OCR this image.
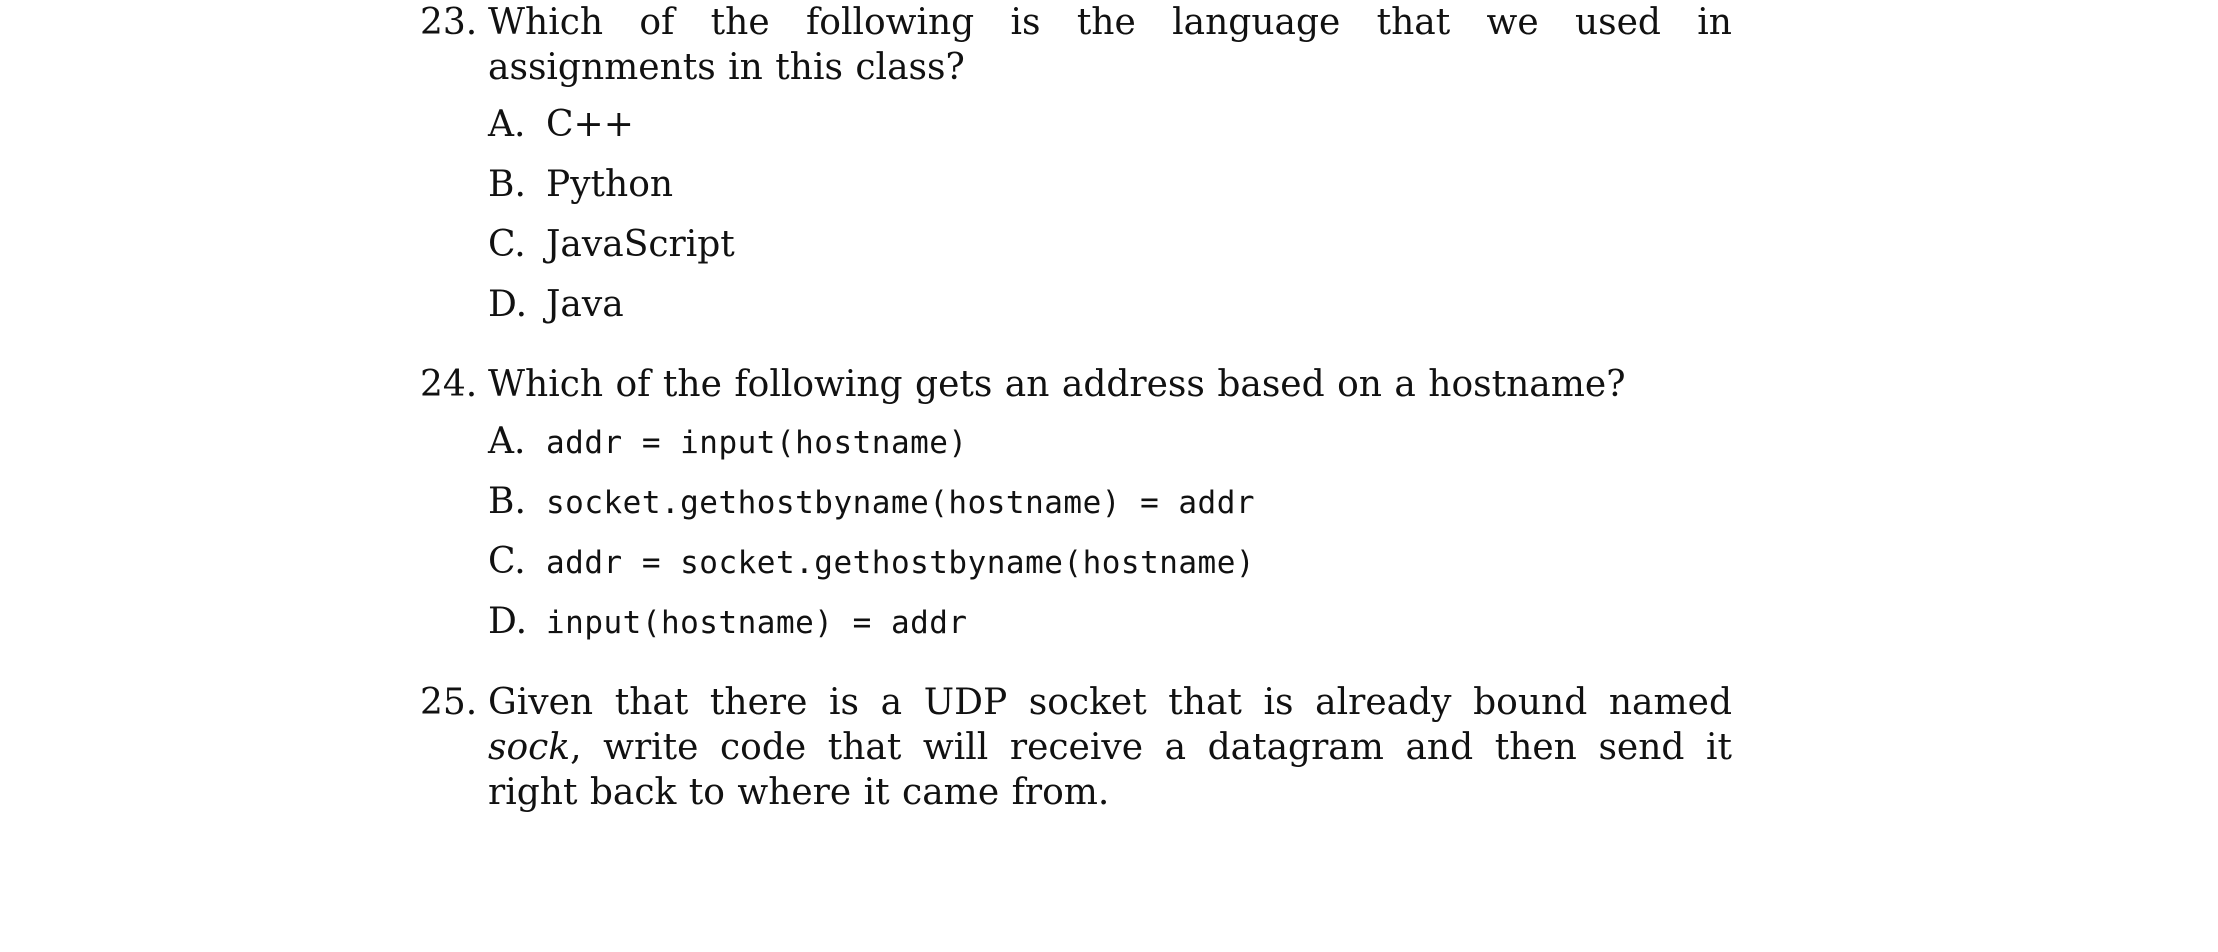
23. Which of the following is the language that we used in assignments in this class?
A. C++
B. Python
C. JavaScript
D. Java
24. Which of the following gets an address based on a hostname?
A. addr = input(hostname)
B. socket.gethostbyname(hostname) = addr
C. addr = socket.gethostbyname(hostname)
D. input(hostname) = addr
25. Given that there is a UDP socket that is already bound named sock, write code that will receive a datagram and then send it right back to where it came from.
